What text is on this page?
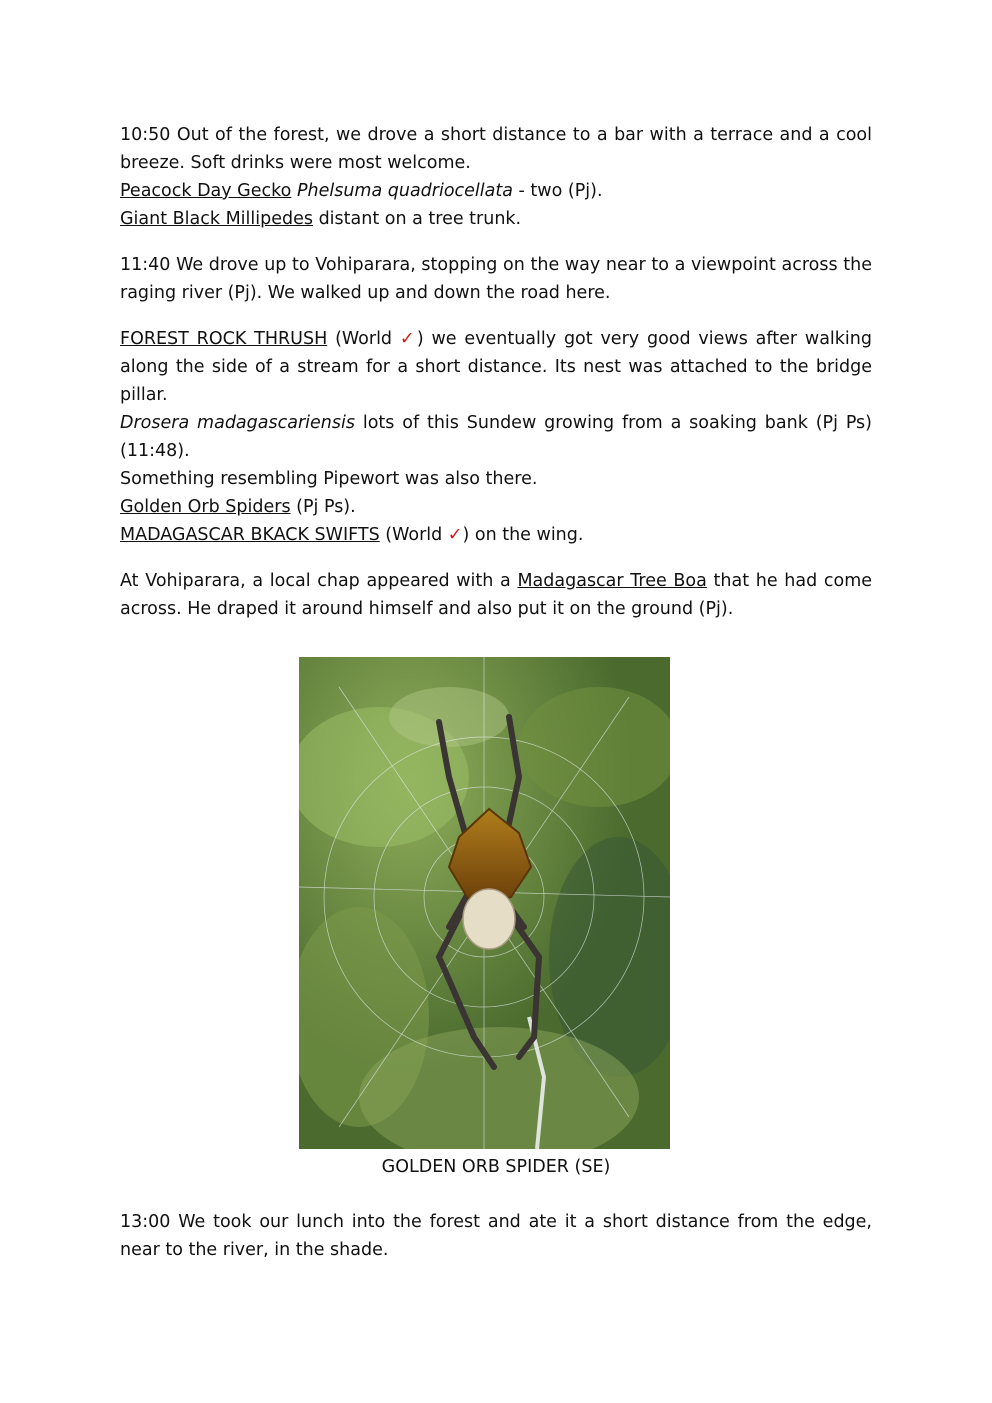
10:50 Out of the forest, we drove a short distance to a bar with a terrace and a cool breeze. Soft drinks were most welcome.
Peacock Day Gecko Phelsuma quadriocellata - two (Pj).
Giant Black Millipedes distant on a tree trunk.

11:40 We drove up to Vohiparara, stopping on the way near to a viewpoint across the raging river (Pj). We walked up and down the road here.

FOREST ROCK THRUSH (World ✓) we eventually got very good views after walking along the side of a stream for a short distance. Its nest was attached to the bridge pillar.
Drosera madagascariensis lots of this Sundew growing from a soaking bank (Pj Ps)(11:48).
Something resembling Pipewort was also there.
Golden Orb Spiders (Pj Ps).
MADAGASCAR BKACK SWIFTS (World ✓) on the wing.

At Vohiparara, a local chap appeared with a Madagascar Tree Boa that he had come across. He draped it around himself and also put it on the ground (Pj).

GOLDEN ORB SPIDER (SE)

13:00 We took our lunch into the forest and ate it a short distance from the edge, near to the river, in the shade.
